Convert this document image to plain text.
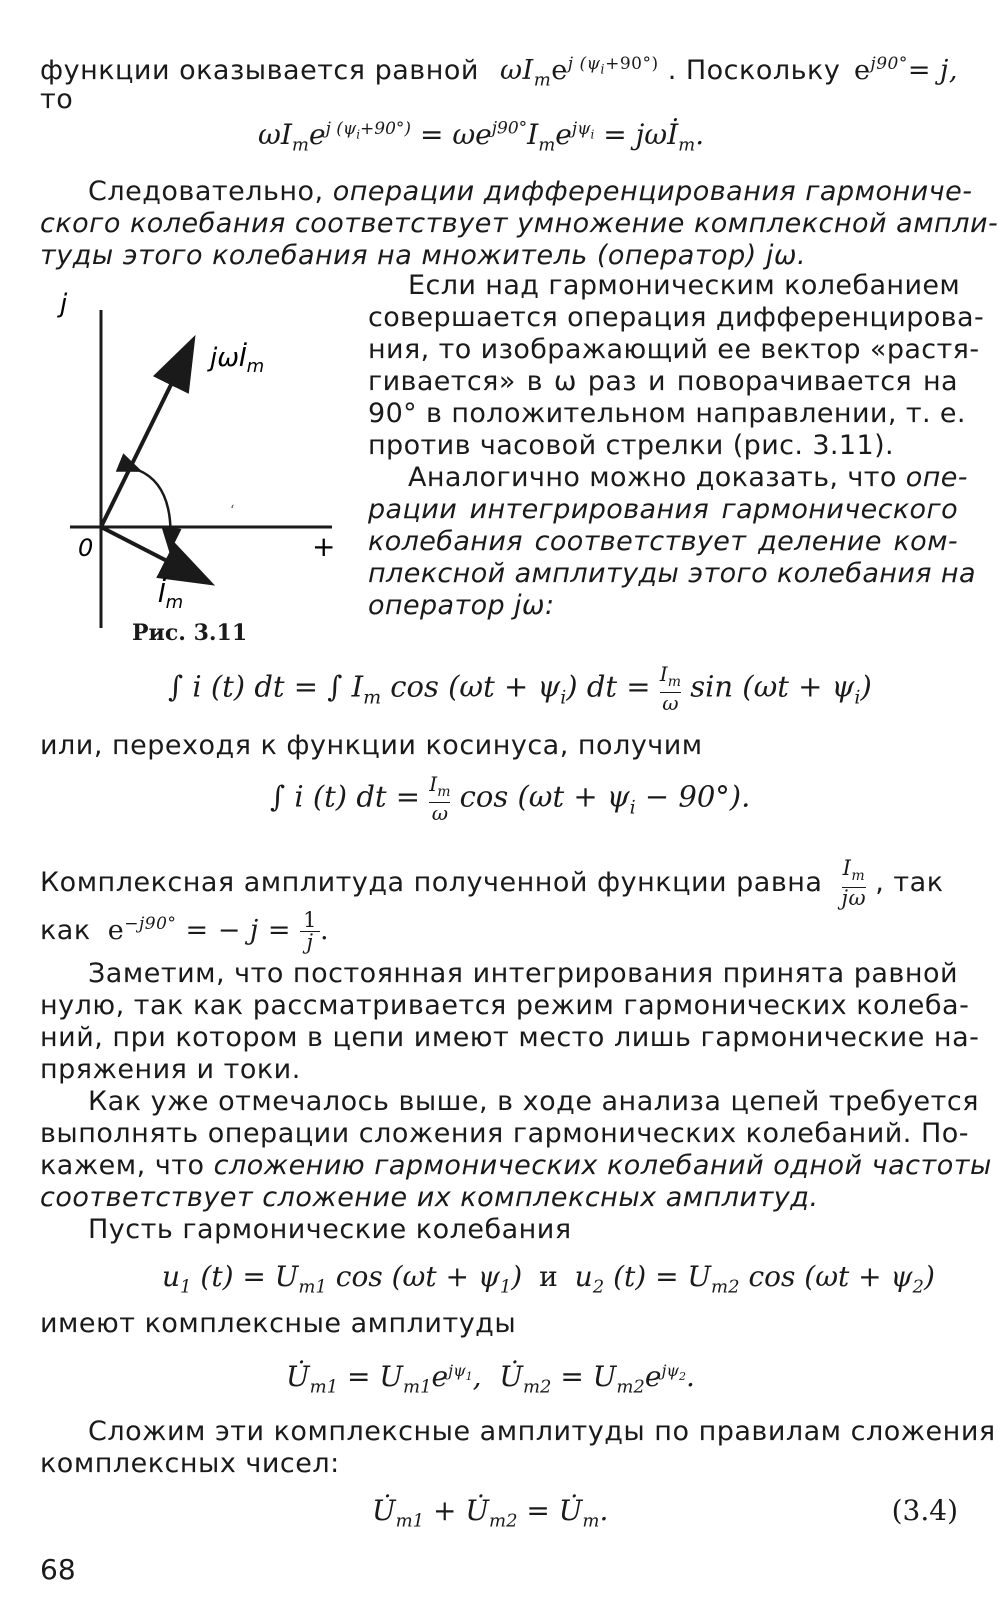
функции оказывается равной $\omega I_me^{j (\psi_i+90^\circ)}$ . Поскольку $e^{j90^\circ}= j$,
то
$\omega I_me^{j (\psi_i+90^\circ)} = \omega e^{j90^\circ}I_me^{j\psi_i}$ = jωİ$_m$.
Следовательно, операции дифференцирования гармониче-
ского колебания соответствует умножение комплексной ампли-
туды этого колебания на множитель (оператор) jω.
‘
j
0	+
jωİ$_m$
$İ_m$
Рис. 3.11
Если над гармоническим колебанием
совершается операция дифференцирова-
ния, то изображающий ее вектор «растя-
гивается» в ω раз и поворачивается на
90° в положительном направлении, т. е.
против часовой стрелки (рис. 3.11).
Аналогично можно доказать, что опе-
рации интегрирования гармонического
колебания соответствует деление ком-
плексной амплитуды этого колебания на
оператор jω:
∫ i (t) dt = ∫ $I_m$ $\cos (\omega t + \psi_i)$ dt = $\frac{I_m}{\omega}$ $\sin (\omega t + \psi_i)$
или, переходя к функции косинуса, получим
∫ i (t) dt = $\frac{I_m}{\omega}$ $\cos (\omega t + \psi_i - 90^\circ)$.
Комплексная амплитуда полученной функции равна $\frac{I_m}{j\omega}$ , так
как $e^{-j90^\circ}$ = − $j = \frac{1}{j}$ .
Заметим, что постоянная интегрирования принята равной
нулю, так как рассматривается режим гармонических колеба-
ний, при котором в цепи имеют место лишь гармонические на-
пряжения и токи.
Как уже отмечалось выше, в ходе анализа цепей требуется
выполнять операции сложения гармонических колебаний. По-
кажем, что сложению гармонических колебаний одной частоты
соответствует сложение их комплексных амплитуд.
Пусть гармонические колебания
$u_1$ $(t) = U_{m1}$ $\cos (\omega t + \psi_1)$ и $u_2$ $(t) = U_{m2}$ $\cos (\omega t + \psi_2)$
имеют комплексные амплитуды
$U̇_{m1} = U_{m1}e^{j\psi_1}$,  $U̇_{m2} = U_{m2}e^{j\psi_2}$.
Сложим эти комплексные амплитуды по правилам сложения
комплексных чисел:
$U̇_{m1}$ + $U̇_{m2}$ = $U̇_m$.	(3.4)
68
